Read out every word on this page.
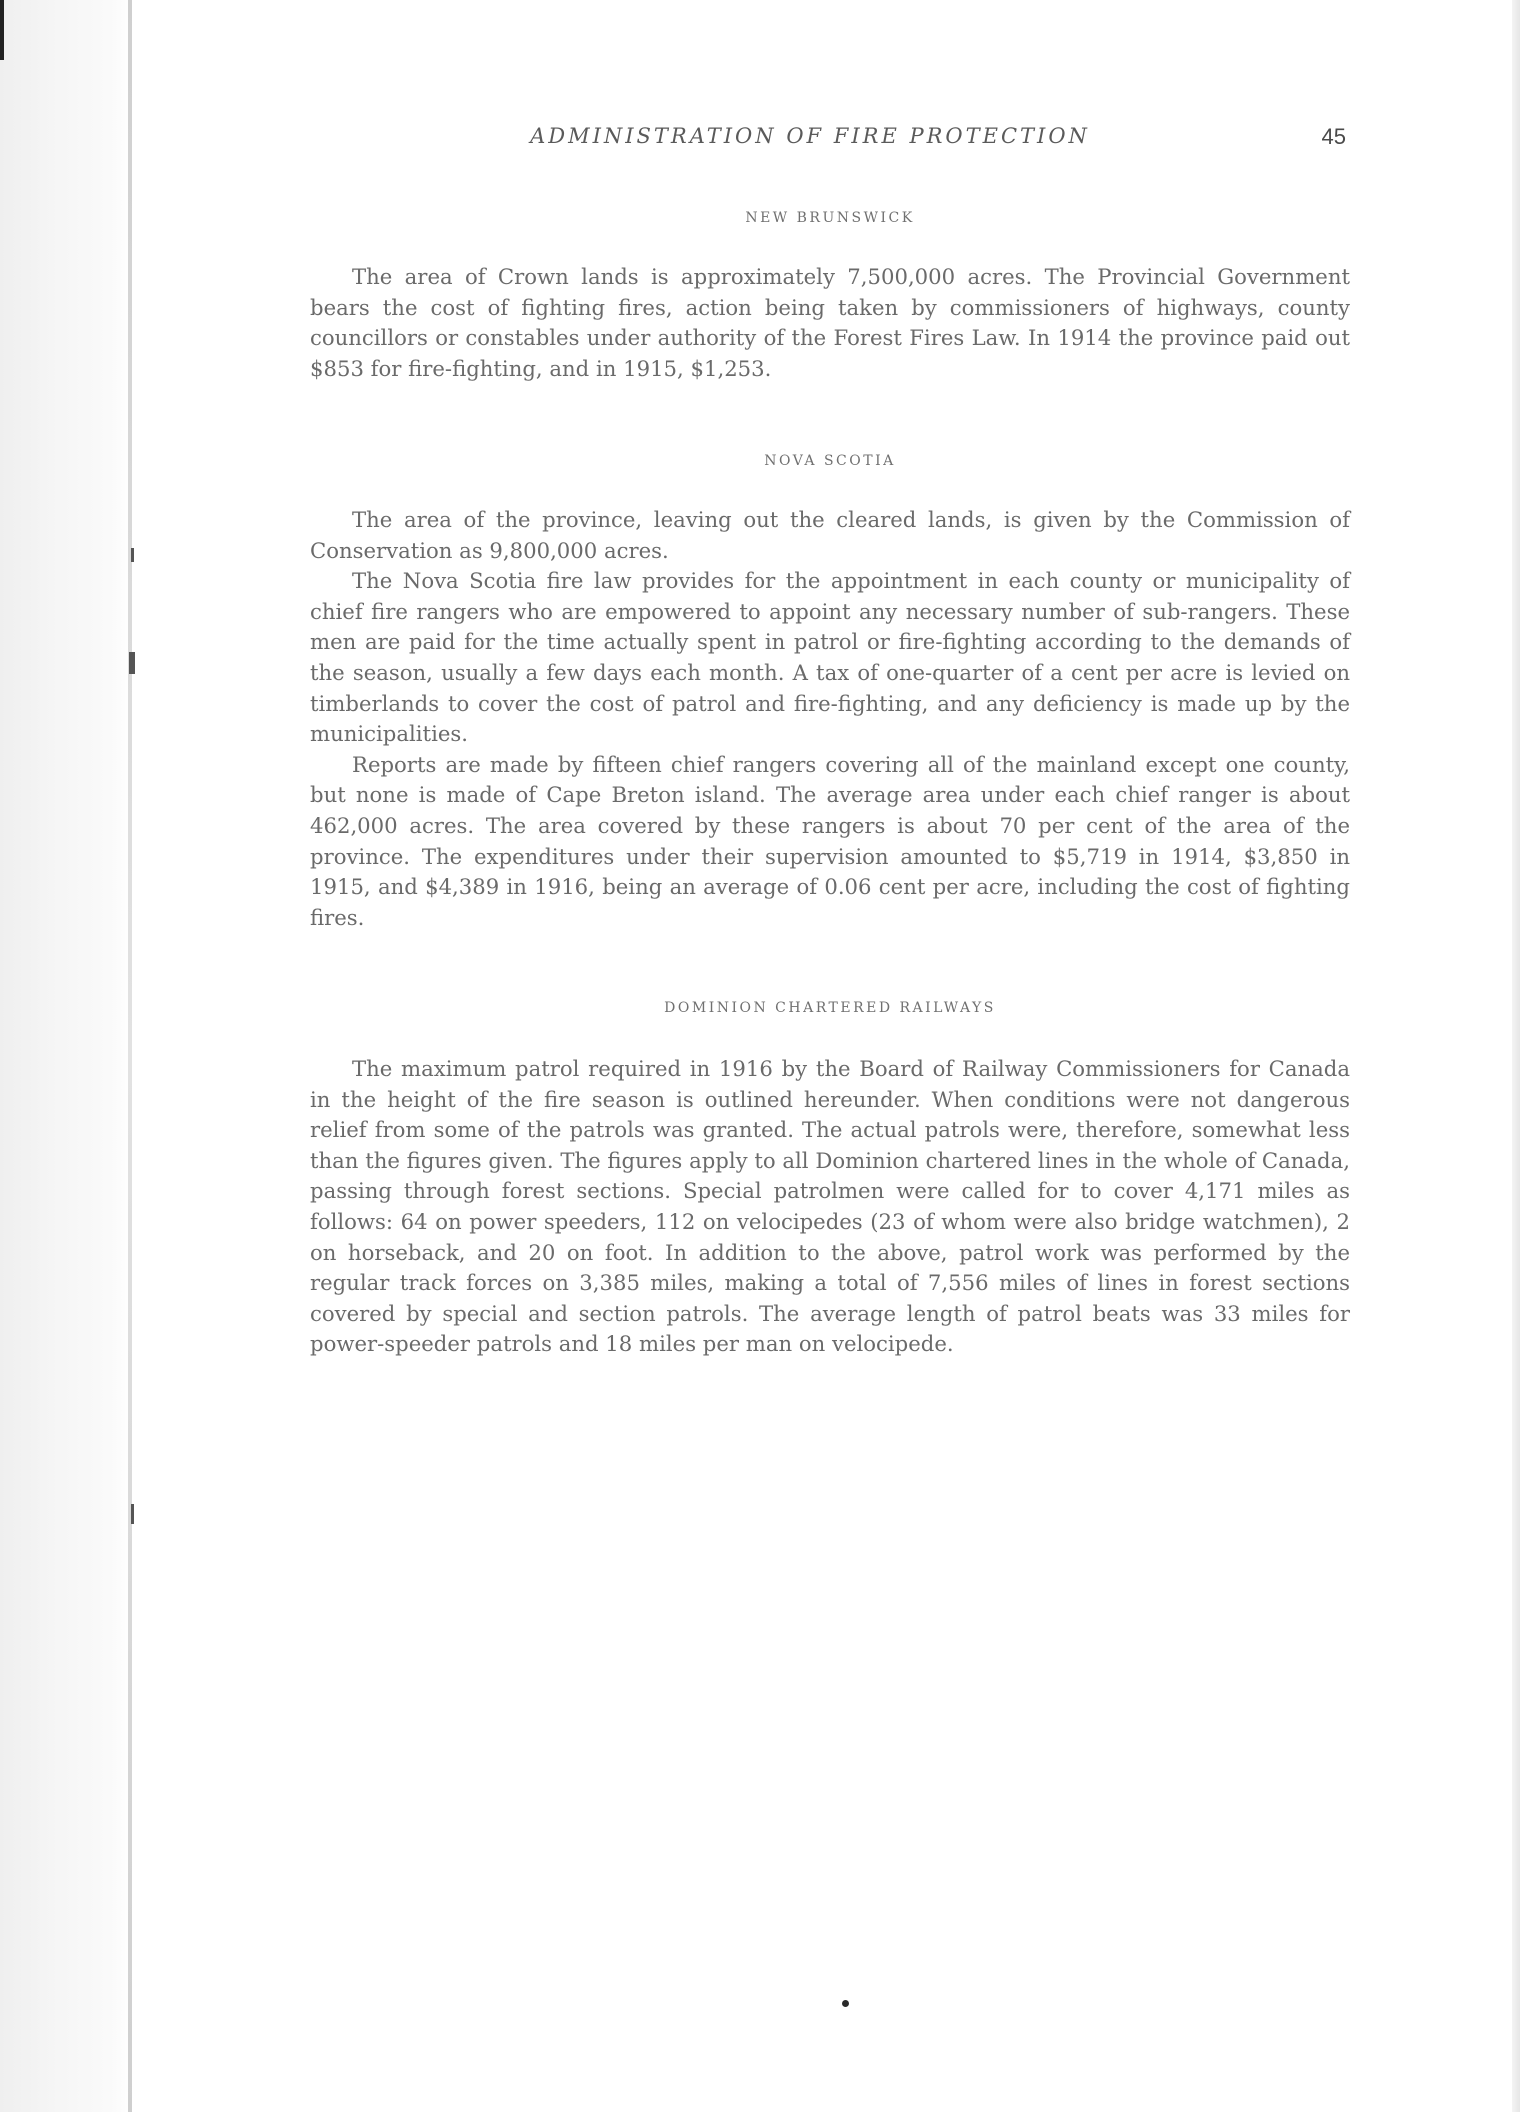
ADMINISTRATION OF FIRE PROTECTION	45
NEW BRUNSWICK

The area of Crown lands is approximately 7,500,000 acres. The Provincial Government bears the cost of fighting fires, action being taken by commissioners of highways, county councillors or constables under authority of the Forest Fires Law. In 1914 the province paid out $853 for fire-fighting, and in 1915, $1,253.

NOVA SCOTIA

The area of the province, leaving out the cleared lands, is given by the Commission of Conservation as 9,800,000 acres.

The Nova Scotia fire law provides for the appointment in each county or municipality of chief fire rangers who are empowered to appoint any necessary number of sub-rangers. These men are paid for the time actually spent in patrol or fire-fighting according to the demands of the season, usually a few days each month. A tax of one-quarter of a cent per acre is levied on timberlands to cover the cost of patrol and fire-fighting, and any deficiency is made up by the municipalities.

Reports are made by fifteen chief rangers covering all of the mainland except one county, but none is made of Cape Breton island. The average area under each chief ranger is about 462,000 acres. The area covered by these rangers is about 70 per cent of the area of the province. The expenditures under their supervision amounted to $5,719 in 1914, $3,850 in 1915, and $4,389 in 1916, being an average of 0.06 cent per acre, including the cost of fighting fires.

DOMINION CHARTERED RAILWAYS

The maximum patrol required in 1916 by the Board of Railway Commissioners for Canada in the height of the fire season is outlined hereunder. When conditions were not dangerous relief from some of the patrols was granted. The actual patrols were, therefore, somewhat less than the figures given. The figures apply to all Dominion chartered lines in the whole of Canada, passing through forest sections. Special patrolmen were called for to cover 4,171 miles as follows: 64 on power speeders, 112 on velocipedes (23 of whom were also bridge watchmen), 2 on horseback, and 20 on foot. In addition to the above, patrol work was performed by the regular track forces on 3,385 miles, making a total of 7,556 miles of lines in forest sections covered by special and section patrols. The average length of patrol beats was 33 miles for power-speeder patrols and 18 miles per man on velocipede.
